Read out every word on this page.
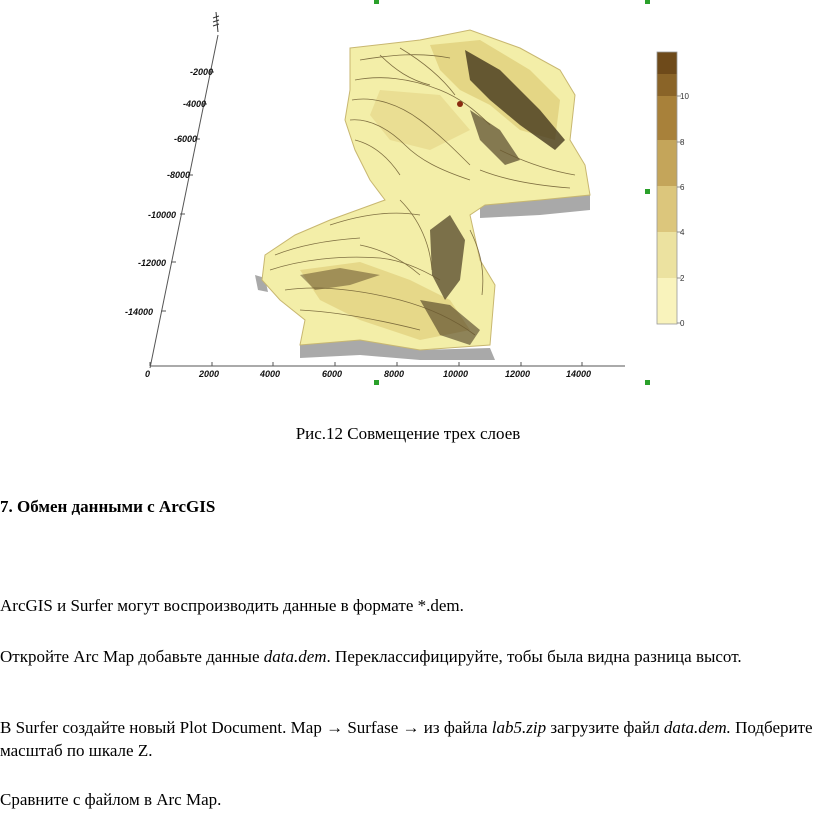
-2000
-4000
-6000
-8000
-10000
-12000
-14000
0	2000	4000	6000	8000	10000	12000	14000
10
8
6
4
2
0
Рис.12 Совмещение трех слоев
7. Обмен данными с ArcGIS
ArcGIS и Surfer могут воспроизводить данные в формате *.dem.
Откройте Arc Map добавьте данные data.dem. Переклассифицируйте, тобы была видна разница высот.
В Surfer создайте новый Plot Document. Map → Surfase → из файла lab5.zip загрузите файл data.dem. Подберите масштаб по шкале Z.
Сравните с файлом в Arc Map.
